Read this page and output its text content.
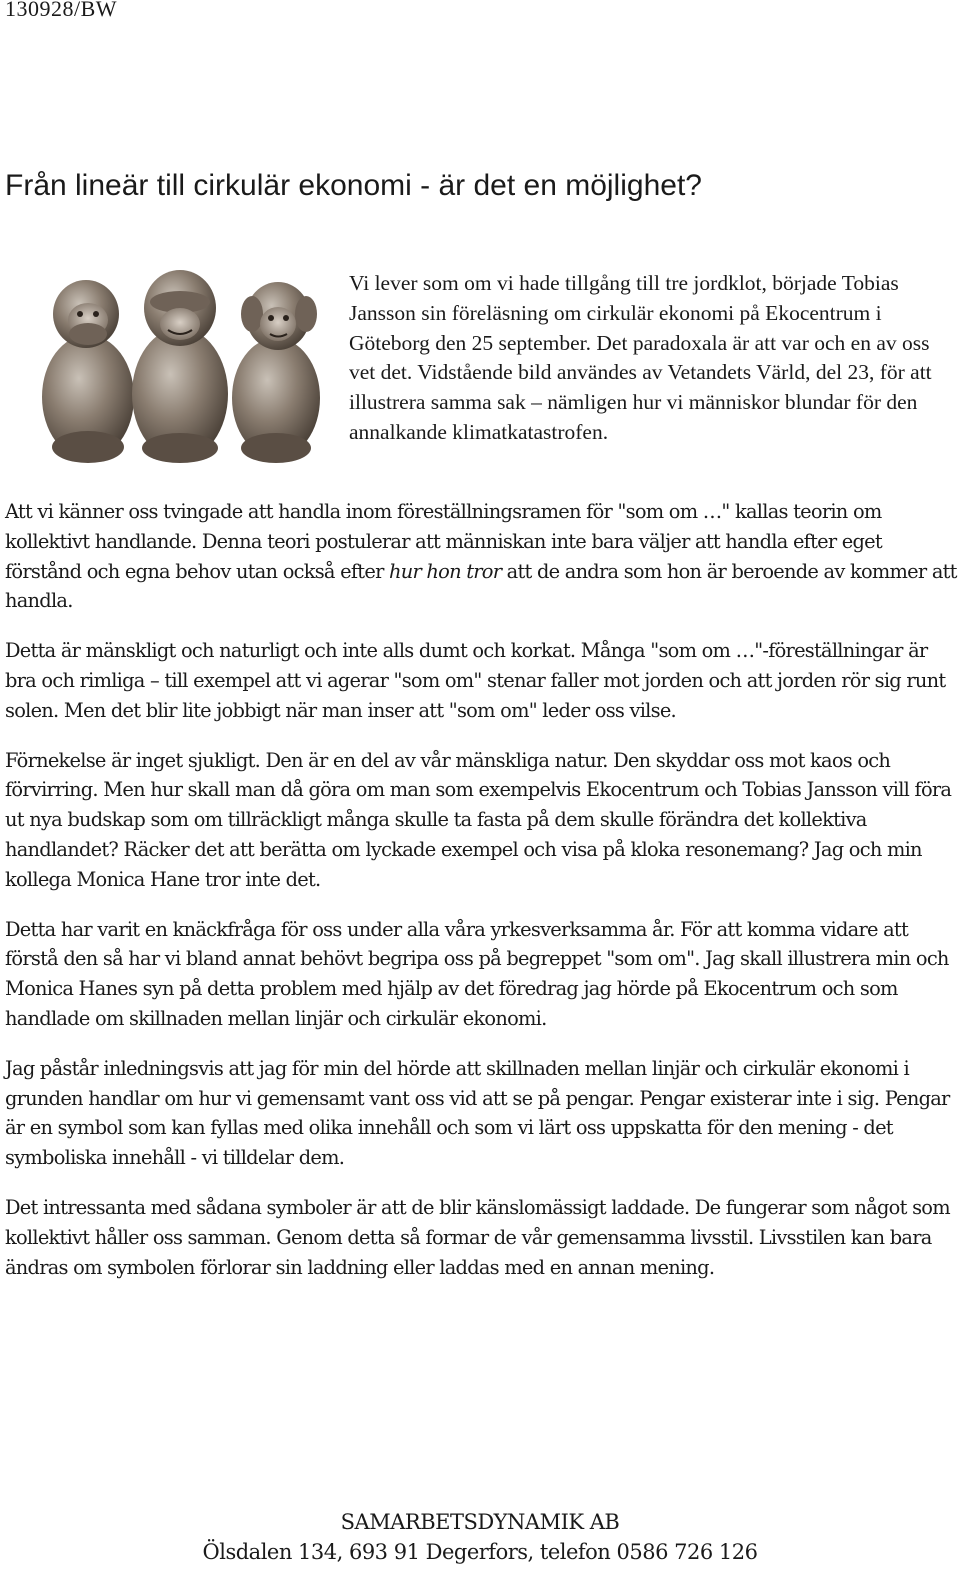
130928/BW
Från lineär till cirkulär ekonomi - är det en möjlighet?

Vi lever som om vi hade tillgång till tre jordklot, började Tobias Jansson sin föreläsning om cirkulär ekonomi på Ekocentrum i Göteborg den 25 september. Det paradoxala är att var och en av oss vet det. Vidstående bild användes av Vetandets Värld, del 23, för att illustrera samma sak – nämligen hur vi människor blundar för den annalkande klimatkatastrofen.

Att vi känner oss tvingade att handla inom föreställningsramen för "som om …" kallas teorin om kollektivt handlande. Denna teori postulerar att människan inte bara väljer att handla efter eget förstånd och egna behov utan också efter hur hon tror att de andra som hon är beroende av kommer att handla.

Detta är mänskligt och naturligt och inte alls dumt och korkat. Många "som om …"-föreställningar är bra och rimliga – till exempel att vi agerar "som om" stenar faller mot jorden och att jorden rör sig runt solen. Men det blir lite jobbigt när man inser att "som om" leder oss vilse.

Förnekelse är inget sjukligt. Den är en del av vår mänskliga natur. Den skyddar oss mot kaos och förvirring. Men hur skall man då göra om man som exempelvis Ekocentrum och Tobias Jansson vill föra ut nya budskap som om tillräckligt många skulle ta fasta på dem skulle förändra det kollektiva handlandet? Räcker det att berätta om lyckade exempel och visa på kloka resonemang? Jag och min kollega Monica Hane tror inte det.

Detta har varit en knäckfråga för oss under alla våra yrkesverksamma år. För att komma vidare att förstå den så har vi bland annat behövt begripa oss på begreppet "som om". Jag skall illustrera min och Monica Hanes syn på detta problem med hjälp av det föredrag jag hörde på Ekocentrum och som handlade om skillnaden mellan linjär och cirkulär ekonomi.

Jag påstår inledningsvis att jag för min del hörde att skillnaden mellan linjär och cirkulär ekonomi i grunden handlar om hur vi gemensamt vant oss vid att se på pengar. Pengar existerar inte i sig. Pengar är en symbol som kan fyllas med olika innehåll och som vi lärt oss uppskatta för den mening - det symboliska innehåll - vi tilldelar dem.

Det intressanta med sådana symboler är att de blir känslomässigt laddade. De fungerar som något som kollektivt håller oss samman. Genom detta så formar de vår gemensamma livsstil. Livsstilen kan bara ändras om symbolen förlorar sin laddning eller laddas med en annan mening.

SAMARBETSDYNAMIK AB
Ölsdalen 134, 693 91 Degerfors, telefon 0586 726 126
